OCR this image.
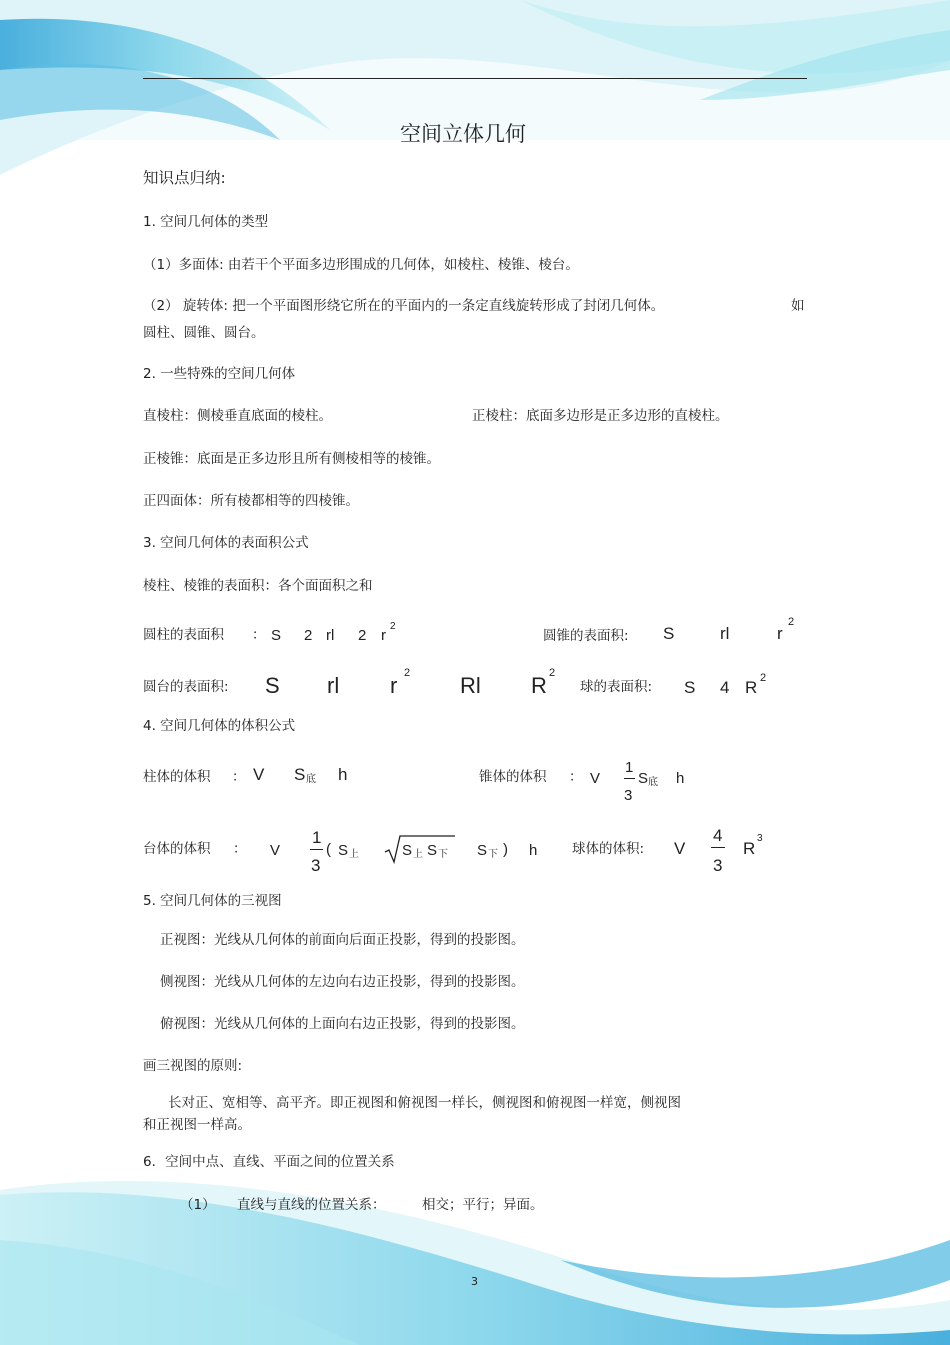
空间立体几何
知识点归纳:
1. 空间几何体的类型
（1）多面体: 由若干个平面多边形围成的几何体，如棱柱、棱锥、棱台。
（2） 旋转体: 把一个平面图形绕它所在的平面内的一条定直线旋转形成了封闭几何体。	如
圆柱、圆锥、圆台。
2. 一些特殊的空间几何体
直棱柱：侧棱垂直底面的棱柱。	正棱柱：底面多边形是正多边形的直棱柱。
正棱锥：底面是正多边形且所有侧棱相等的棱锥。
正四面体：所有棱都相等的四棱锥。
3. 空间几何体的表面积公式
棱柱、棱锥的表面积：各个面面积之和
圆柱的表面积 ： S 2 rl 2 r
2
圆锥的表面积: S	rl	r
2
圆台的表面积: S rl r 2 Rl R 2
球的表面积: S 4 R 2
4. 空间几何体的体积公式
柱体的体积 ： V S 底 h	锥体的体积 ： V
1
3
S 底 h
台体的体积 ： V
1
3
( S 上	S 上 S 下 S 下 ) h	球体的体积: V
4
3
R
3
5. 空间几何体的三视图
正视图：光线从几何体的前面向后面正投影，得到的投影图。
侧视图：光线从几何体的左边向右边正投影，得到的投影图。
俯视图：光线从几何体的上面向右边正投影，得到的投影图。
画三视图的原则:
长对正、宽相等、高平齐。即正视图和俯视图一样长，侧视图和俯视图一样宽，侧视图
和正视图一样高。
6．空间中点、直线、平面之间的位置关系
（1） 直线与直线的位置关系：	相交；平行；异面。
3
